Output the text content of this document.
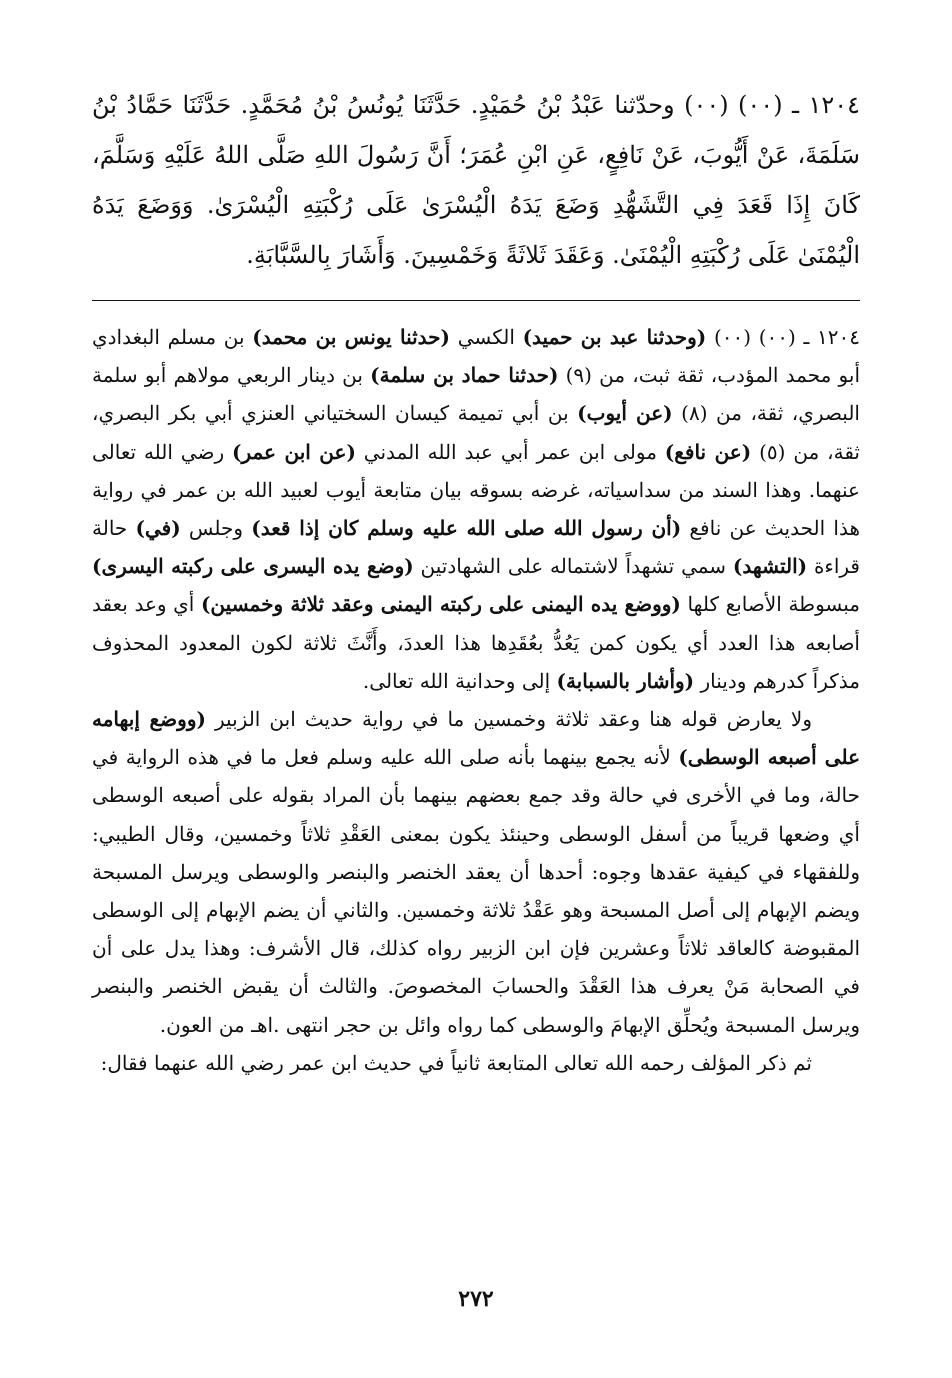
١٢٠٤ ـ (٠٠) (٠٠) وحدّثنا عَبْدُ بْنُ حُمَيْدٍ. حَدَّثَنَا يُونُسُ بْنُ مُحَمَّدٍ. حَدَّثَنَا حَمَّادُ بْنُ سَلَمَةَ، عَنْ أَيُّوبَ، عَنْ نَافِعٍ، عَنِ ابْنِ عُمَرَ؛ أَنَّ رَسُولَ اللهِ صَلَّى اللهُ عَلَيْهِ وَسَلَّمَ، كَانَ إِذَا قَعَدَ فِي التَّشَهُّدِ وَضَعَ يَدَهُ الْيُسْرَىٰ عَلَى رُكْبَتِهِ الْيُسْرَىٰ. وَوَضَعَ يَدَهُ الْيُمْنَىٰ عَلَى رُكْبَتِهِ الْيُمْنَىٰ. وَعَقَدَ ثَلاثَةً وَخَمْسِينَ. وَأَشَارَ بِالسَّبَّابَةِ.

١٢٠٤ ـ (٠٠) (٠٠) (وحدثنا عبد بن حميد) الكسي (حدثنا يونس بن محمد) بن مسلم البغدادي أبو محمد المؤدب، ثقة ثبت، من (٩) (حدثنا حماد بن سلمة) بن دينار الربعي مولاهم أبو سلمة البصري، ثقة، من (٨) (عن أيوب) بن أبي تميمة كيسان السختياني العنزي أبي بكر البصري، ثقة، من (٥) (عن نافع) مولى ابن عمر أبي عبد الله المدني (عن ابن عمر) رضي الله تعالى عنهما. وهذا السند من سداسياته، غرضه بسوقه بيان متابعة أيوب لعبيد الله بن عمر في رواية هذا الحديث عن نافع (أن رسول الله صلى الله عليه وسلم كان إذا قعد) وجلس (في) حالة قراءة (التشهد) سمي تشهداً لاشتماله على الشهادتين (وضع يده اليسرى على ركبته اليسرى) مبسوطة الأصابع كلها (ووضع يده اليمنى على ركبته اليمنى وعقد ثلاثة وخمسين) أي وعد بعقد أصابعه هذا العدد أي يكون كمن يَعُدُّ بعُقَدِها هذا العددَ، وأَنَّثَ ثلاثة لكون المعدود المحذوف مذكراً كدرهم ودينار (وأشار بالسبابة) إلى وحدانية الله تعالى.

ولا يعارض قوله هنا وعقد ثلاثة وخمسين ما في رواية حديث ابن الزبير (ووضع إبهامه على أصبعه الوسطى) لأنه يجمع بينهما بأنه صلى الله عليه وسلم فعل ما في هذه الرواية في حالة، وما في الأخرى في حالة وقد جمع بعضهم بينهما بأن المراد بقوله على أصبعه الوسطى أي وضعها قريباً من أسفل الوسطى وحينئذ يكون بمعنى العَقْدِ ثلاثاً وخمسين، وقال الطيبي: وللفقهاء في كيفية عقدها وجوه: أحدها أن يعقد الخنصر والبنصر والوسطى ويرسل المسبحة ويضم الإبهام إلى أصل المسبحة وهو عَقْدُ ثلاثة وخمسين. والثاني أن يضم الإبهام إلى الوسطى المقبوضة كالعاقد ثلاثاً وعشرين فإن ابن الزبير رواه كذلك، قال الأشرف: وهذا يدل على أن في الصحابة مَنْ يعرف هذا العَقْدَ والحسابَ المخصوصَ. والثالث أن يقبض الخنصر والبنصر ويرسل المسبحة ويُحلِّق الإبهامَ والوسطى كما رواه وائل بن حجر انتهى .اهـ من العون.

ثم ذكر المؤلف رحمه الله تعالى المتابعة ثانياً في حديث ابن عمر رضي الله عنهما فقال:

٢٧٢
